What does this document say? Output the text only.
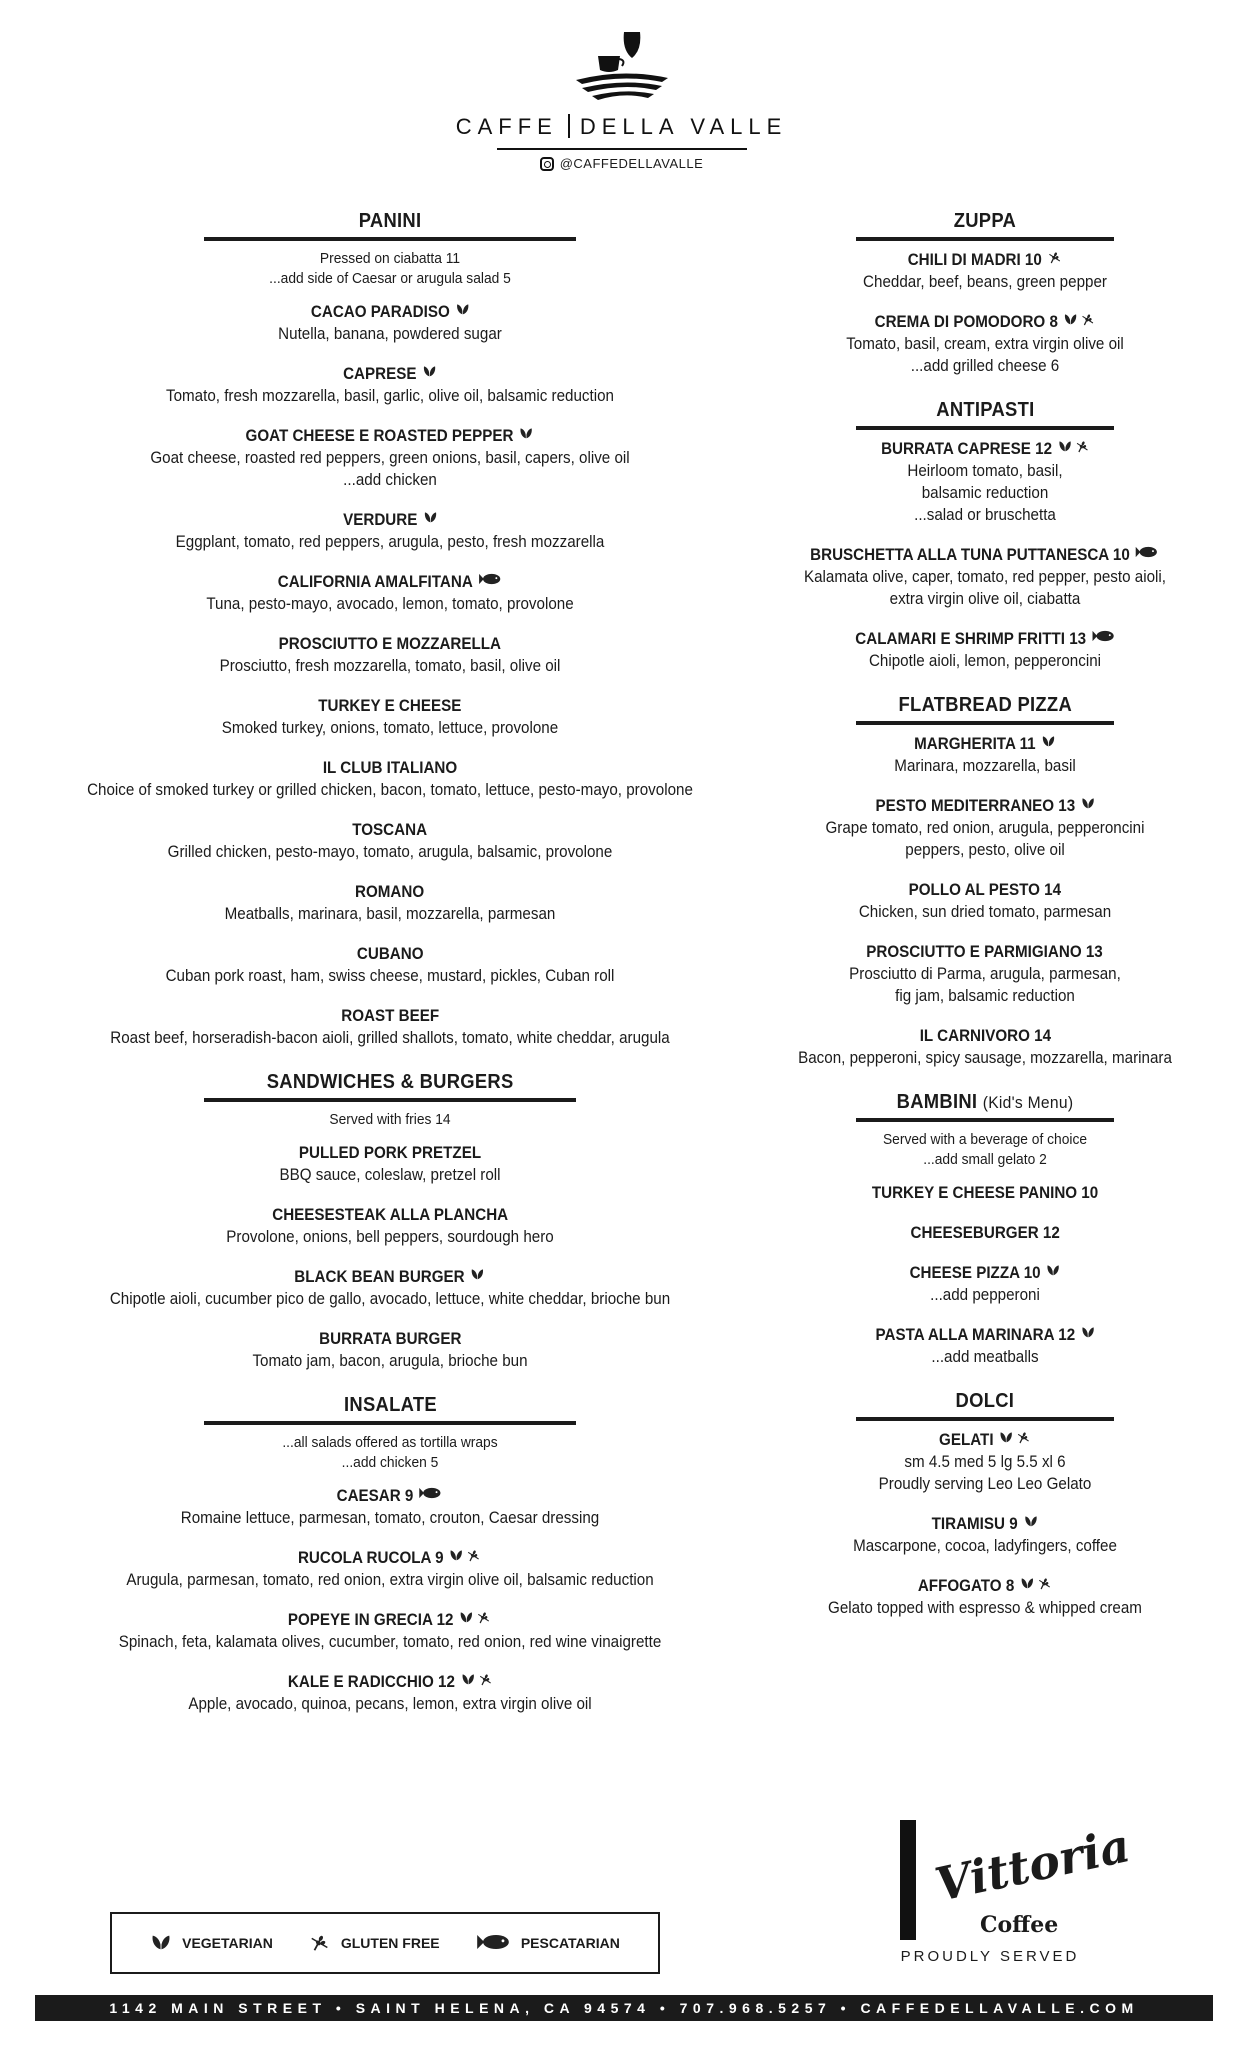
CAFFE DELLA VALLE
@CAFFEDELLAVALLE
PANINI
Pressed on ciabatta 11
...add side of Caesar or arugula salad 5
CACAO PARADISO
Nutella, banana, powdered sugar
CAPRESE
Tomato, fresh mozzarella, basil, garlic, olive oil, balsamic reduction
GOAT CHEESE E ROASTED PEPPER
Goat cheese, roasted red peppers, green onions, basil, capers, olive oil
...add chicken
VERDURE
Eggplant, tomato, red peppers, arugula, pesto, fresh mozzarella
CALIFORNIA AMALFITANA
Tuna, pesto-mayo, avocado, lemon, tomato, provolone
PROSCIUTTO E MOZZARELLA
Prosciutto, fresh mozzarella, tomato, basil, olive oil
TURKEY E CHEESE
Smoked turkey, onions, tomato, lettuce, provolone
IL CLUB ITALIANO
Choice of smoked turkey or grilled chicken, bacon, tomato, lettuce, pesto-mayo, provolone
TOSCANA
Grilled chicken, pesto-mayo, tomato, arugula, balsamic, provolone
ROMANO
Meatballs, marinara, basil, mozzarella, parmesan
CUBANO
Cuban pork roast, ham, swiss cheese, mustard, pickles, Cuban roll
ROAST BEEF
Roast beef, horseradish-bacon aioli, grilled shallots, tomato, white cheddar, arugula
SANDWICHES & BURGERS
Served with fries 14
PULLED PORK PRETZEL
BBQ sauce, coleslaw, pretzel roll
CHEESESTEAK ALLA PLANCHA
Provolone, onions, bell peppers, sourdough hero
BLACK BEAN BURGER
Chipotle aioli, cucumber pico de gallo, avocado, lettuce, white cheddar, brioche bun
BURRATA BURGER
Tomato jam, bacon, arugula, brioche bun
INSALATE
...all salads offered as tortilla wraps
...add chicken 5
CAESAR 9
Romaine lettuce, parmesan, tomato, crouton, Caesar dressing
RUCOLA RUCOLA 9
Arugula, parmesan, tomato, red onion, extra virgin olive oil, balsamic reduction
POPEYE IN GRECIA 12
Spinach, feta, kalamata olives, cucumber, tomato, red onion, red wine vinaigrette
KALE E RADICCHIO 12
Apple, avocado, quinoa, pecans, lemon, extra virgin olive oil
ZUPPA
CHILI DI MADRI 10
Cheddar, beef, beans, green pepper
CREMA DI POMODORO 8
Tomato, basil, cream, extra virgin olive oil
...add grilled cheese 6
ANTIPASTI
BURRATA CAPRESE 12
Heirloom tomato, basil,
balsamic reduction
...salad or bruschetta
BRUSCHETTA ALLA TUNA PUTTANESCA 10
Kalamata olive, caper, tomato, red pepper, pesto aioli,
extra virgin olive oil, ciabatta
CALAMARI E SHRIMP FRITTI 13
Chipotle aioli, lemon, pepperoncini
FLATBREAD PIZZA
MARGHERITA 11
Marinara, mozzarella, basil
PESTO MEDITERRANEO 13
Grape tomato, red onion, arugula, pepperoncini
peppers, pesto, olive oil
POLLO AL PESTO 14
Chicken, sun dried tomato, parmesan
PROSCIUTTO E PARMIGIANO 13
Prosciutto di Parma, arugula, parmesan,
fig jam, balsamic reduction
IL CARNIVORO 14
Bacon, pepperoni, spicy sausage, mozzarella, marinara
BAMBINI (Kid's Menu)
Served with a beverage of choice
...add small gelato 2
TURKEY E CHEESE PANINO 10
CHEESEBURGER 12
CHEESE PIZZA 10
...add pepperoni
PASTA ALLA MARINARA 12
...add meatballs
DOLCI
GELATI
sm 4.5 med 5 lg 5.5 xl 6
Proudly serving Leo Leo Gelato
TIRAMISU 9
Mascarpone, cocoa, ladyfingers, coffee
AFFOGATO 8
Gelato topped with espresso & whipped cream
VEGETARIAN	GLUTEN FREE	PESCATARIAN
Vittoria
Coffee
PROUDLY SERVED
1142 MAIN STREET • SAINT HELENA, CA 94574 • 707.968.5257 • CAFFEDELLAVALLE.COM
